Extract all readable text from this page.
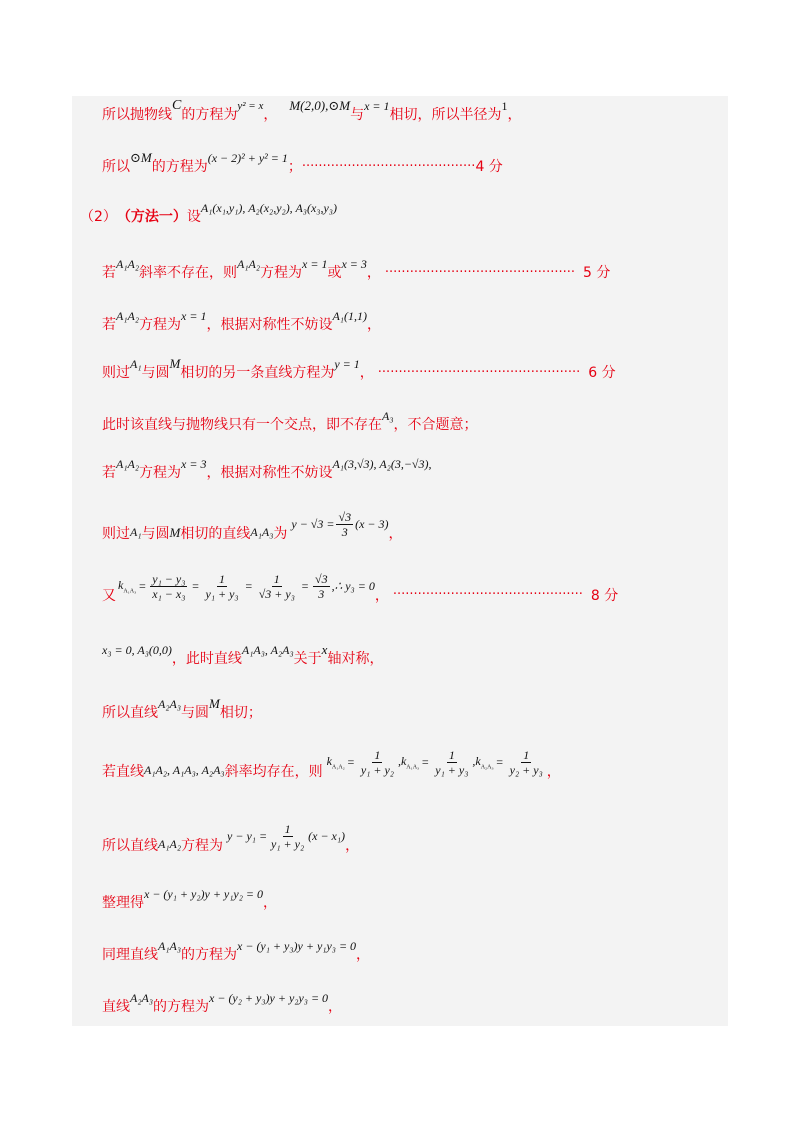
所以抛物线
C
的方程为
y² = x
，
M(2,0),⊙M
与
x = 1
相切，所以半径为
1
，
所以
⊙M
的方程为
(x − 2)² + y² = 1
； ·········································· 4 分
（2） （方法一） 设
A₁(x₁,y₁), A₂(x₂,y₂), A₃(x₃,y₃)
若
A₁A₂
斜率不存在，则
A₁A₂
方程为
x = 1
或
x = 3
， ·············································· 5 分
若
A₁A₂
方程为
x = 1
，根据对称性不妨设
A₁(1,1)
，
则过
A₁
与圆
M
相切的另一条直线方程为
y = 1
， ················································· 6 分
此时该直线与抛物线只有一个交点，即不存在
A₃
，不合题意；
若
A₁A₂
方程为
x = 3
，根据对称性不妨设
A₁(3,√3), A₂(3,−√3),
则过 A₁ 与圆 M 相切的直线 A₁A₃ 为
$y - √3 = \frac{√3}{3} (x - 3)$
，
又
$k_{A_1A_3} = \frac{\text{y₁ − y₃}}{\text{x₁ − x₃}} = \frac{1}{\text{y₁ + y₃}} = \frac{1}{\text{√3 + y₃}} = \frac{√3}{3}$ ,∴ y₃ = 0
， ·············································· 8 分
x₃ = 0, A₃(0,0)
，此时直线
A₁A₃, A₂A₃
关于
x
轴对称，
所以直线
A₂A₃
与圆
M
相切；
若直线 A₁A₂, A₁A₃, A₂A₃ 斜率均存在，则
$k_{A_1A_2} = \frac{1}{\text{y₁ + y₂}} ,k_{A_1A_3} = \frac{1}{\text{y₁ + y₃}} ,k_{A_2A_3} = \frac{1}{\text{y₂ + y₃}}$ ，
所以直线 A₁A₂ 方程为
$y - y_1 = \frac{1}{\text{y₁ + y₂}} (x - x_1)$
，
整理得
x − (y₁ + y₂)y + y₁y₂ = 0
，
同理直线
A₁A₃
的方程为
x − (y₁ + y₃)y + y₁y₃ = 0
，
直线
A₂A₃
的方程为
x − (y₂ + y₃)y + y₂y₃ = 0
，
